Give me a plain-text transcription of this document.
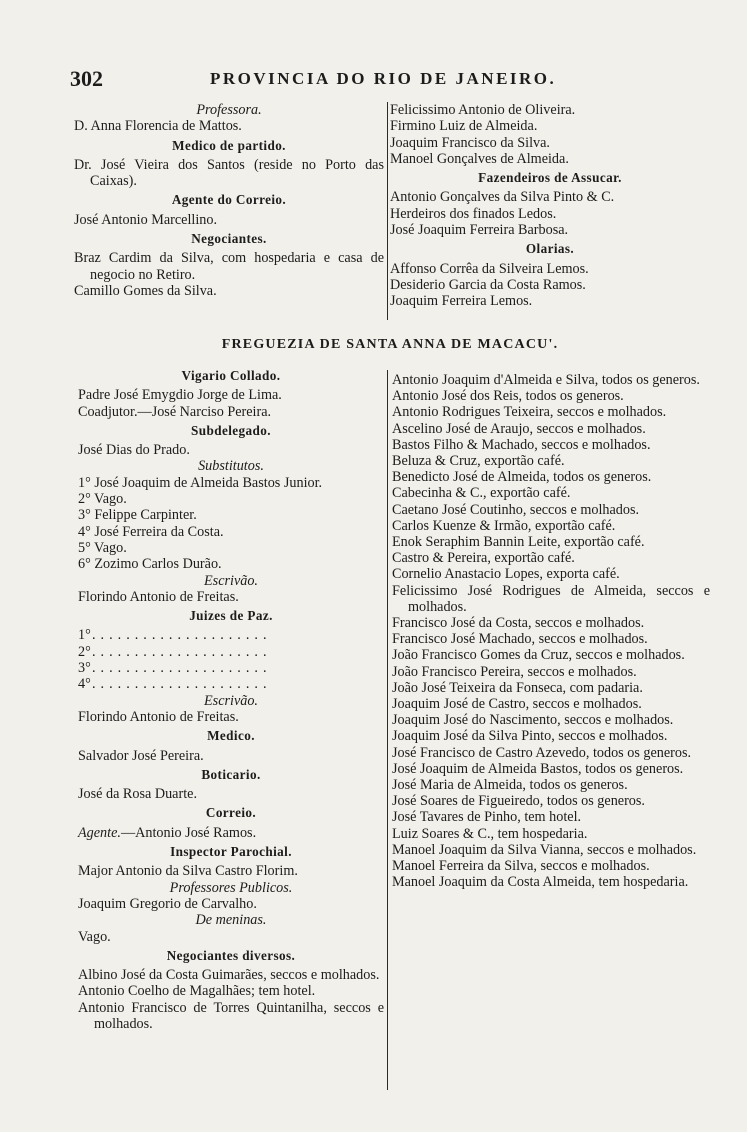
302	PROVINCIA DO RIO DE JANEIRO.

Professora.

D. Anna Florencia de Mattos.

Medico de partido.

Dr. José Vieira dos Santos (reside no Porto das Caixas).

Agente do Correio.

José Antonio Marcellino.

Negociantes.

Braz Cardim da Silva, com hospedaria e casa de negocio no Retiro.

Camillo Gomes da Silva.

Felicissimo Antonio de Oliveira.

Firmino Luiz de Almeida.

Joaquim Francisco da Silva.

Manoel Gonçalves de Almeida.

Fazendeiros de Assucar.

Antonio Gonçalves da Silva Pinto & C.

Herdeiros dos finados Ledos.

José Joaquim Ferreira Barbosa.

Olarias.

Affonso Corrêa da Silveira Lemos.

Desiderio Garcia da Costa Ramos.

Joaquim Ferreira Lemos.

FREGUEZIA DE SANTA ANNA DE MACACU'.

Vigario Collado.

Padre José Emygdio Jorge de Lima.

Coadjutor.—José Narciso Pereira.

Subdelegado.

José Dias do Prado.

Substitutos.

1° José Joaquim de Almeida Bastos Junior.

2° Vago.

3° Felippe Carpinter.

4° José Ferreira da Costa.

5° Vago.

6° Zozimo Carlos Durão.

Escrivão.

Florindo Antonio de Freitas.

Juizes de Paz.

1° .....................

2° .....................

3° .....................

4° .....................

Escrivão.

Florindo Antonio de Freitas.

Medico.

Salvador José Pereira.

Boticario.

José da Rosa Duarte.

Correio.

Agente.—Antonio José Ramos.

Inspector Parochial.

Major Antonio da Silva Castro Florim.

Professores Publicos.

Joaquim Gregorio de Carvalho.

De meninas.

Vago.

Negociantes diversos.

Albino José da Costa Guimarães, seccos e molhados.

Antonio Coelho de Magalhães; tem hotel.

Antonio Francisco de Torres Quintanilha, seccos e molhados.

Antonio Joaquim d'Almeida e Silva, todos os generos.

Antonio José dos Reis, todos os generos.

Antonio Rodrigues Teixeira, seccos e molhados.

Ascelino José de Araujo, seccos e molhados.

Bastos Filho & Machado, seccos e molhados.

Beluza & Cruz, exportão café.

Benedicto José de Almeida, todos os generos.

Cabecinha & C., exportão café.

Caetano José Coutinho, seccos e molhados.

Carlos Kuenze & Irmão, exportão café.

Enok Seraphim Bannin Leite, exportão café.

Castro & Pereira, exportão café.

Cornelio Anastacio Lopes, exporta café.

Felicissimo José Rodrigues de Almeida, seccos e molhados.

Francisco José da Costa, seccos e molhados.

Francisco José Machado, seccos e molhados.

João Francisco Gomes da Cruz, seccos e molhados.

João Francisco Pereira, seccos e molhados.

João José Teixeira da Fonseca, com padaria.

Joaquim José de Castro, seccos e molhados.

Joaquim José do Nascimento, seccos e molhados.

Joaquim José da Silva Pinto, seccos e molhados.

José Francisco de Castro Azevedo, todos os generos.

José Joaquim de Almeida Bastos, todos os generos.

José Maria de Almeida, todos os generos.

José Soares de Figueiredo, todos os generos.

José Tavares de Pinho, tem hotel.

Luiz Soares & C., tem hospedaria.

Manoel Joaquim da Silva Vianna, seccos e molhados.

Manoel Ferreira da Silva, seccos e molhados.

Manoel Joaquim da Costa Almeida, tem hospedaria.
